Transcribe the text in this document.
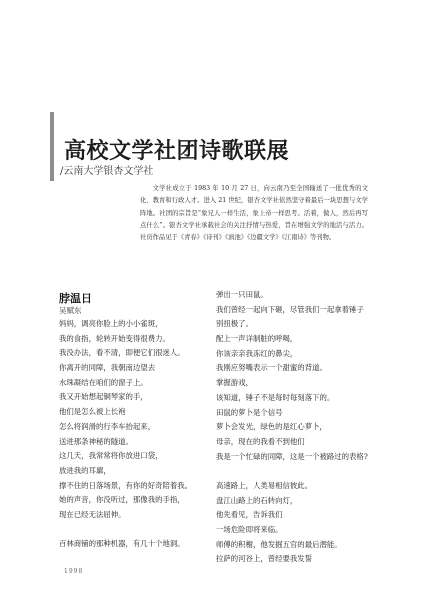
高校文学社团诗歌联展
/云南大学银杏文学社

文学社成立于 1983 年 10 月 27 日，向云南乃至全国输送了一批优秀的文化、教育和行政人才。进入 21 世纪，银杏文学社依然坚守着最后一块思想与文学阵地。社团的宗旨是“象兄人一样生活，象上帝一样思考。活着，做人，然后再写点什么”。银杏文学社承载社会的关注抒情与热爱，旨在增强文学的地活与活力。社员作品见于《青春》《诗刊》《滇池》《边疆文学》《江南诗》等刊物。

脖温日
吴赋东
妈妈，调亮你脸上的小小雀斑，
我的食指，轮转开始变得很费力。
我没办法，看不清，即便它们很迷人。
你离开的同障，我朝南边望去
水珠凝结在咱们的窗子上。
我又开始想起铜琴家的手，
他们是怎么被上长袍
怎么将润滑的行李车抬起来，
送进那条神秘的隧道。
这几天，我常常将你放进口袋，
放进我的耳廓，
撑不住的日落场景，有你的好奇陪着我。
她的声音，你没听过，那像我的手指，
现在已经无法屈伸。
百林商铺的那种机器，有几十个地洞。
弹出一只田鼠。
我们曾经一起向下砸，尽管我们一起拿着锤子
别扭极了。
配上一声详制脏的呼喝，
你该亲亲我冻红的鼻尖，
我刚应努嘴表示一个甜蜜的背道。
掌握游戏，
该知道，锤子不是每时每刻落下的。
田鼠的萝卜是个信号
萝卜会发光，绿色的是红心萝卜，
母亲，现在的我看不到他们
我是一个忙碌的同障，这是一个被路过的表格?
高速路上，人类易相信彼此。
盘江山路上的石转向灯，
他先看见，告诉我们
一场危险即将来临。
师傅的积榭，他发掘五官的最后潜能。
拉萨的河谷上，曾经要我发誓
1998
